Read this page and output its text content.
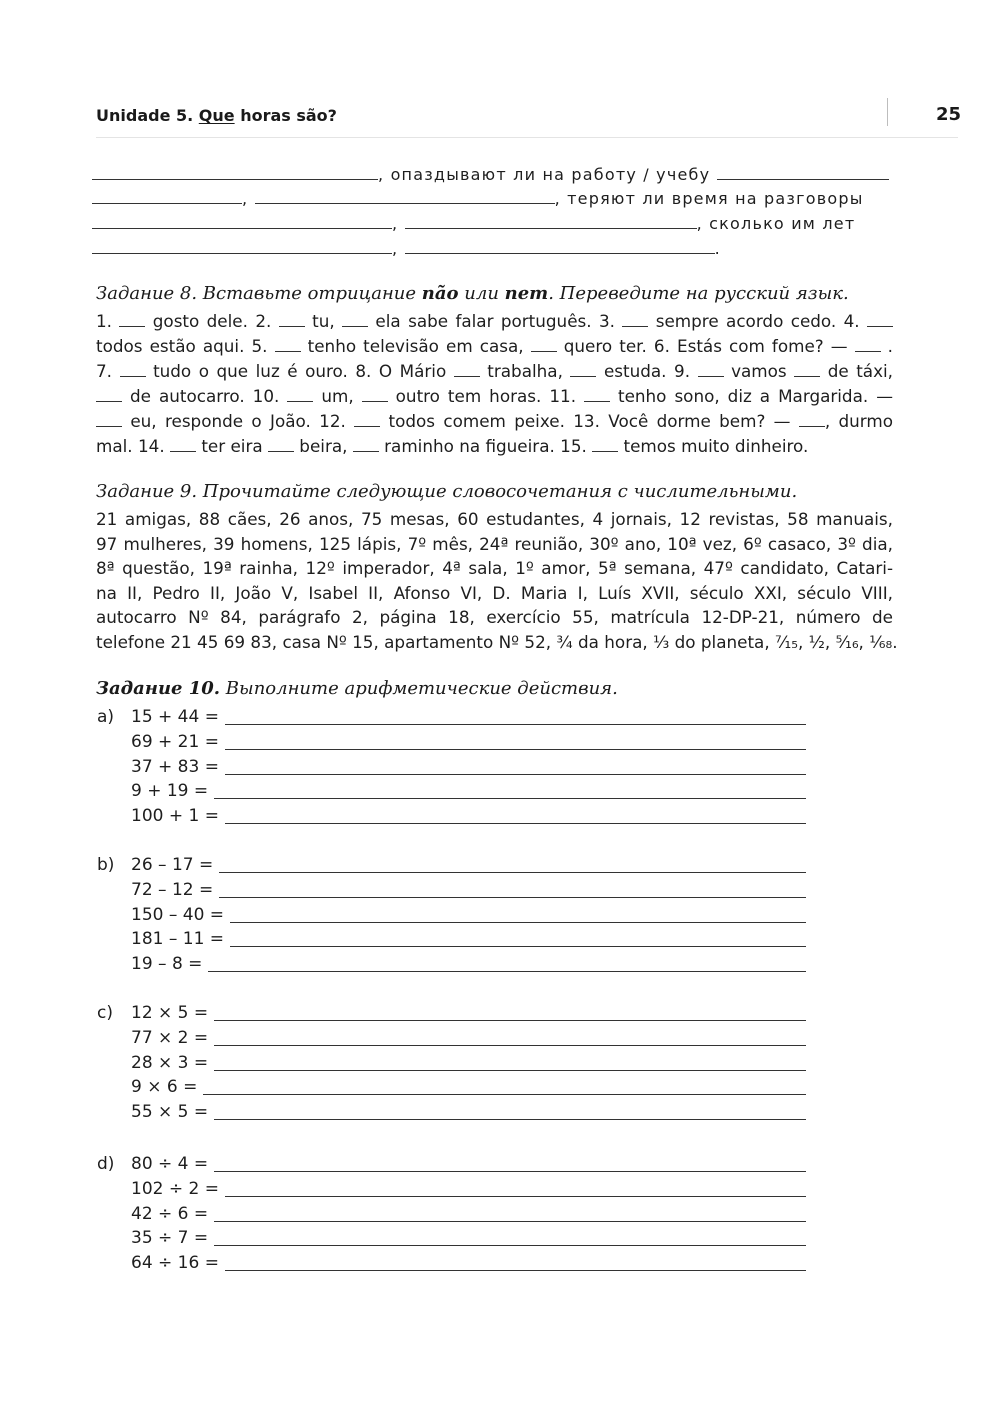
Unidade 5. Que horas são?	25
, опаздывают ли на работу / учебу
,	, теряют ли время на разговоры
,	, сколько им лет
,	.
Задание 8. Вставьте отрицание não или nem. Переведите на русский язык.
1.  gosto dele. 2.  tu,  ela sabe falar português. 3.  sempre acordo cedo. 4.
todos estão aqui. 5.  tenho televisão em casa,  quero ter. 6. Estás com fome? —  .
7.  tudo o que luz é ouro. 8. O Mário  trabalha,  estuda. 9.  vamos  de táxi,
de autocarro. 10.  um,  outro tem horas. 11.  tenho sono, diz a Margarida. —
eu, responde o João. 12.  todos comem peixe. 13. Você dorme bem? — , durmo
mal. 14.  ter eira  beira,  raminho na figueira. 15.  temos muito dinheiro.
Задание 9. Прочитайте следующие словосочетания с числительными.
21 amigas, 88 cães, 26 anos, 75 mesas, 60 estudantes, 4 jornais, 12 revistas, 58 manuais,
97 mulheres, 39 homens, 125 lápis, 7º mês, 24ª reunião, 30º ano, 10ª vez, 6º casaco, 3º dia,
8ª questão, 19ª rainha, 12º imperador, 4ª sala, 1º amor, 5ª semana, 47º candidato, Catari-
na II, Pedro II, João V, Isabel II, Afonso VI, D. Maria I, Luís XVII, século XXI, século VIII,
autocarro Nº 84, parágrafo 2, página 18, exercício 55, matrícula 12-DP-21, número de
telefone 21 45 69 83, casa Nº 15, apartamento Nº 52, ¾ da hora, ⅓ do planeta, ⁷⁄₁₅, ½, ⁵⁄₁₆, ¹⁄₆₈.
Задание 10. Выполните арифметические действия.
a) 15 + 44 =
69 + 21 =
37 + 83 =
9 + 19 =
100 + 1 =
b) 26 – 17 =
72 – 12 =
150 – 40 =
181 – 11 =
19 – 8 =
c) 12 × 5 =
77 × 2 =
28 × 3 =
9 × 6 =
55 × 5 =
d) 80 ÷ 4 =
102 ÷ 2 =
42 ÷ 6 =
35 ÷ 7 =
64 ÷ 16 =
